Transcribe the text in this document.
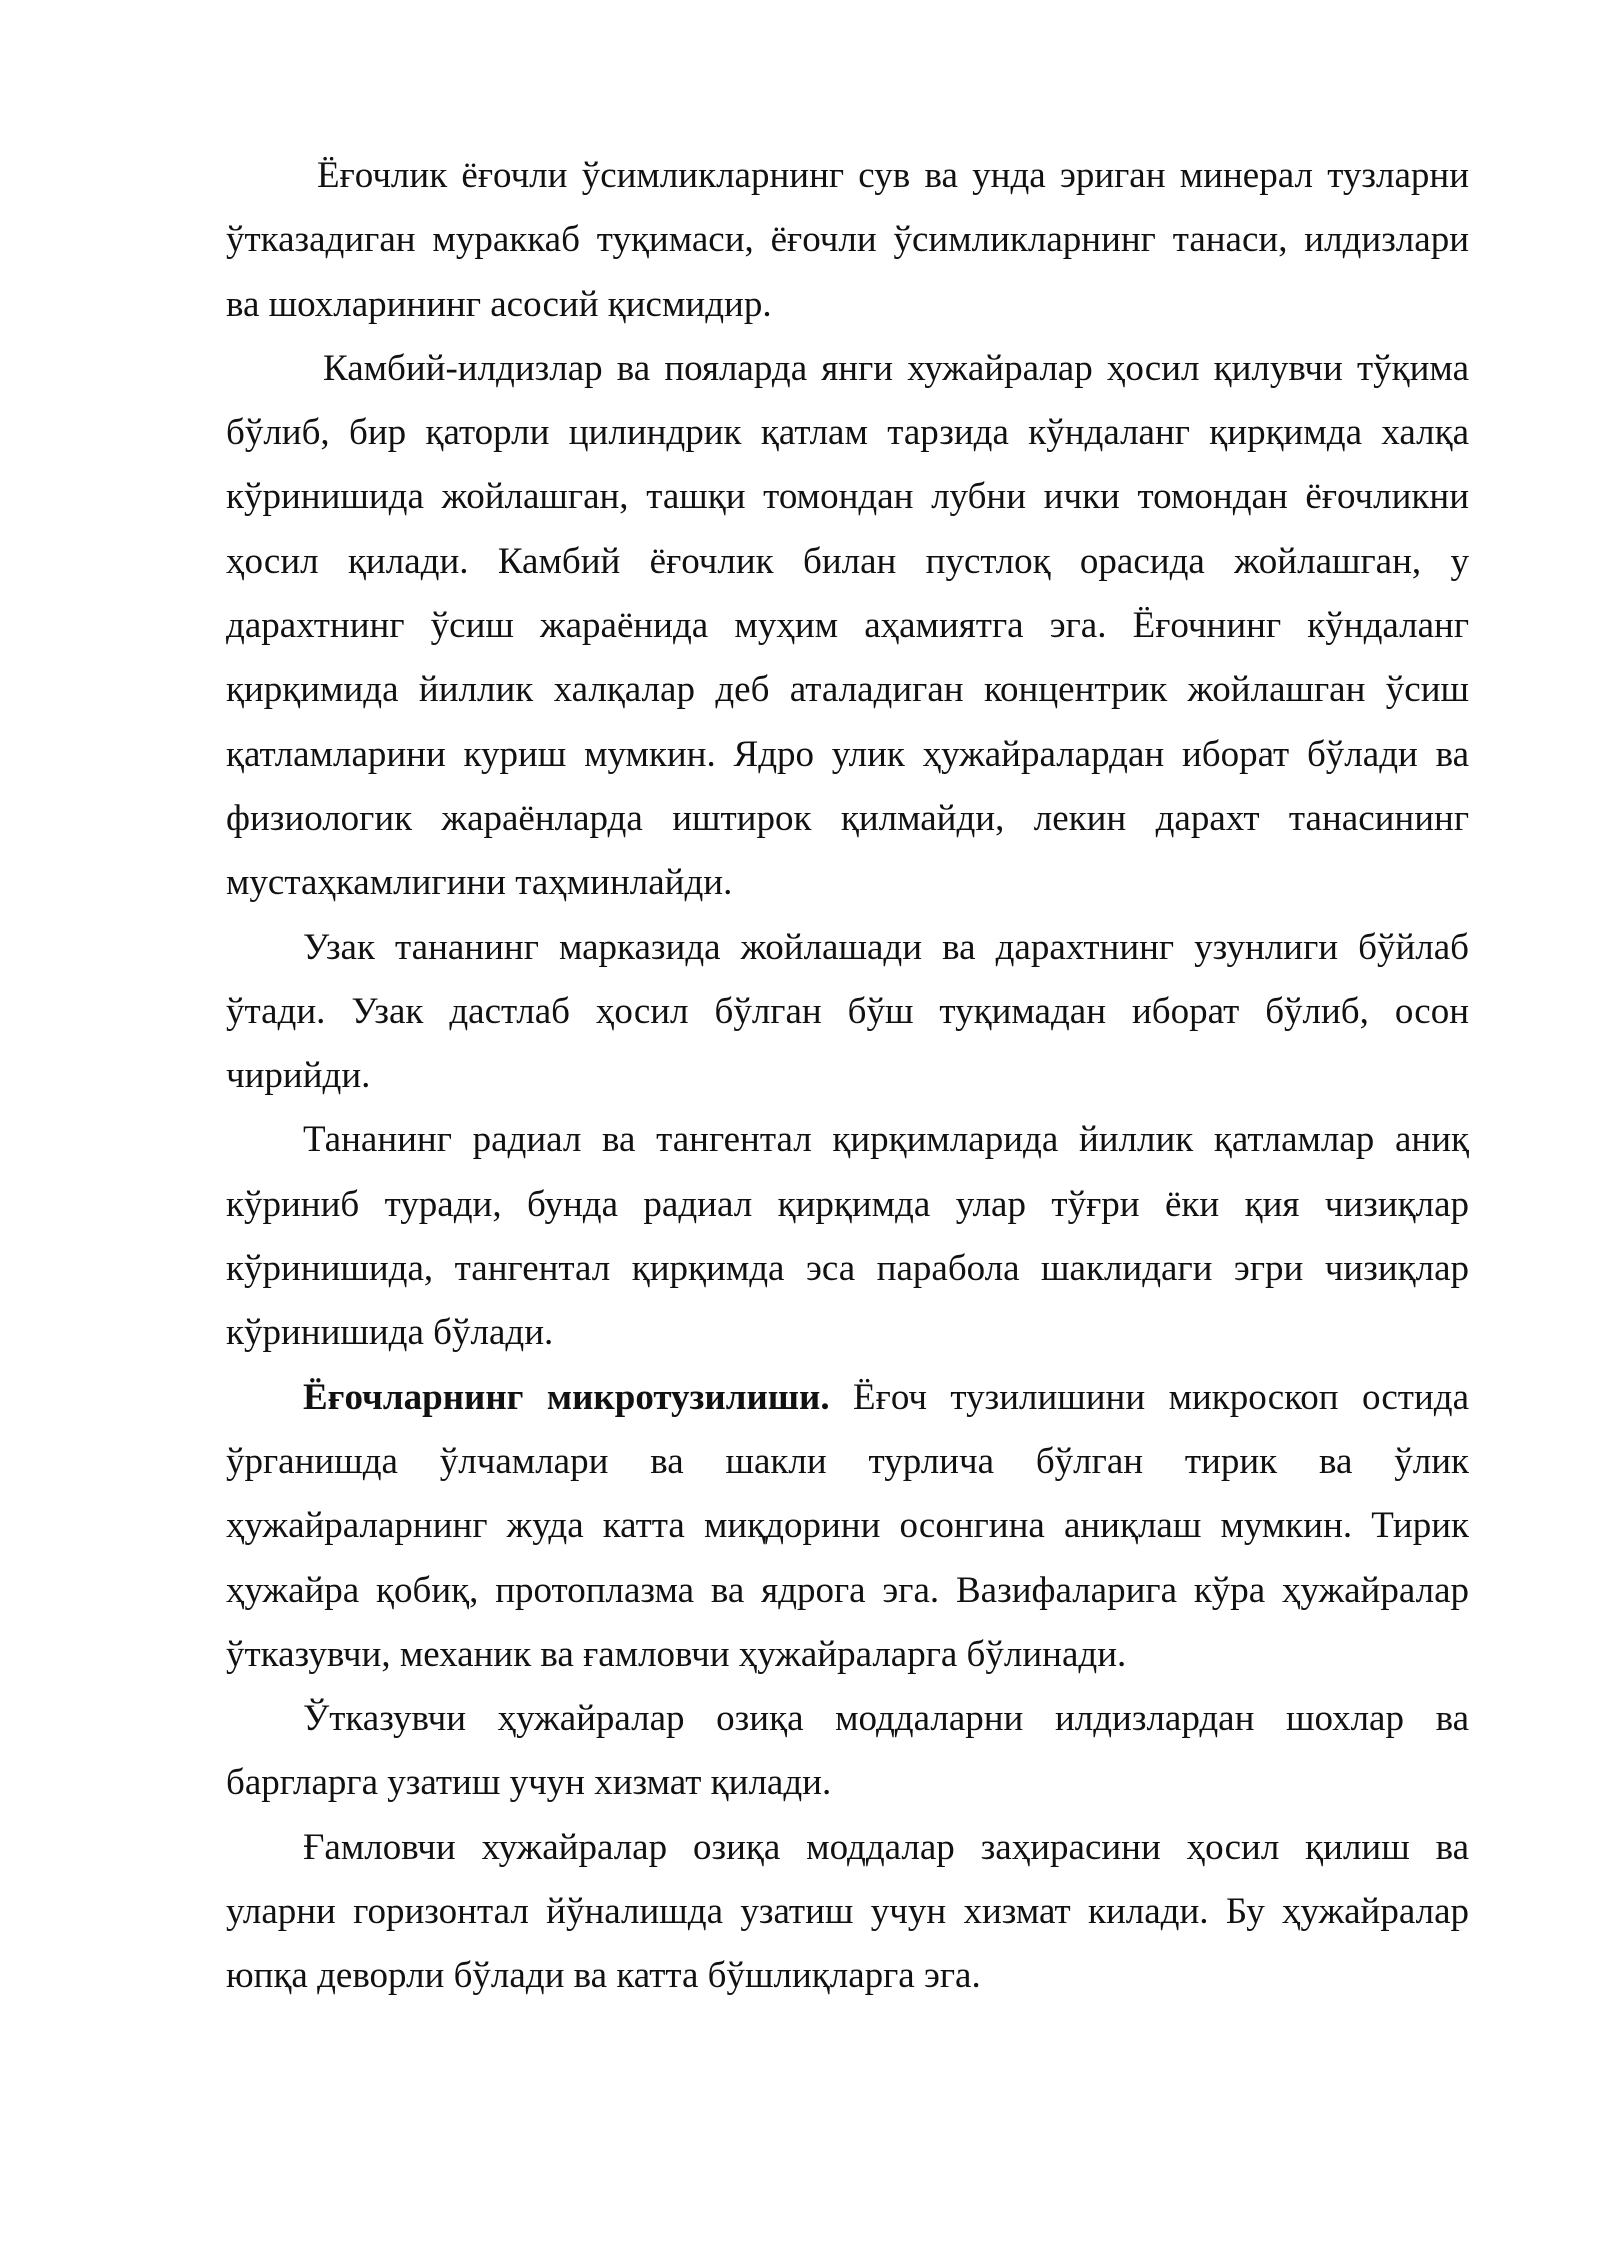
Ёғочлик ёғочли ўсимликларнинг сув ва унда эриган минерал тузларни
ўтказадиган мураккаб туқимаси, ёғочли ўсимликларнинг танаси, илдизлари
ва шохларининг асосий қисмидир.
Камбий-илдизлар ва пояларда янги хужайралар ҳосил қилувчи тўқима
бўлиб, бир қаторли цилиндрик қатлам тарзида кўндаланг қирқимда халқа
кўринишида жойлашган, ташқи томондан лубни ички томондан ёғочликни
ҳосил қилади. Камбий ёғочлик билан пустлоқ орасида жойлашган, у
дарахтнинг ўсиш жараёнида муҳим аҳамиятга эга. Ёғочнинг кўндаланг
қирқимида йиллик халқалар деб аталадиган концентрик жойлашган ўсиш
қатламларини куриш мумкин. Ядро улик ҳужайралардан иборат бўлади ва
физиологик жараёнларда иштирок қилмайди, лекин дарахт танасининг
мустаҳкамлигини таҳминлайди.
Узак тананинг марказида жойлашади ва дарахтнинг узунлиги бўйлаб
ўтади. Узак дастлаб ҳосил бўлган бўш туқимадан иборат бўлиб, осон
чирийди.
Тананинг радиал ва тангентал қирқимларида йиллик қатламлар аниқ
кўриниб туради, бунда радиал қирқимда улар тўғри ёки қия чизиқлар
кўринишида, тангентал қирқимда эса парабола шаклидаги эгри чизиқлар
кўринишида бўлади.
Ёғочларнинг микротузилиши. Ёғоч тузилишини микроскоп остида
ўрганишда ўлчамлари ва шакли турлича бўлган тирик ва ўлик
ҳужайраларнинг жуда катта миқдорини осонгина аниқлаш мумкин. Тирик
ҳужайра қобиқ, протоплазма ва ядрога эга. Вазифаларига кўра ҳужайралар
ўтказувчи, механик ва ғамловчи ҳужайраларга бўлинади.
Ўтказувчи ҳужайралар озиқа моддаларни илдизлардан шохлар ва
баргларга узатиш учун хизмат қилади.
Ғамловчи хужайралар озиқа моддалар заҳирасини ҳосил қилиш ва
уларни горизонтал йўналишда узатиш учун хизмат килади. Бу ҳужайралар
юпқа деворли бўлади ва катта бўшлиқларга эга.
